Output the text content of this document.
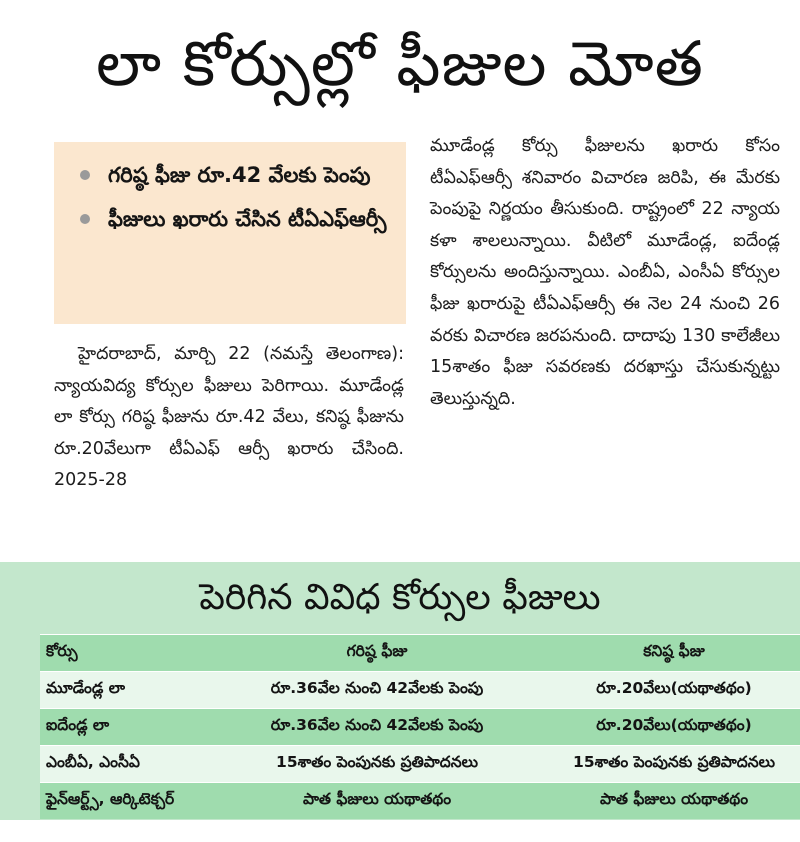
లా కోర్సుల్లో ఫీజుల మోత
గరిష్ఠ ఫీజు రూ.42 వేలకు పెంపు
ఫీజులు ఖరారు చేసిన టీఏఎఫ్ఆర్సీ
హైదరాబాద్, మార్చి 22 (నమస్తే తెలంగాణ): న్యాయవిద్య కోర్సుల ఫీజులు పెరిగాయి. మూడేండ్ల లా కోర్సు గరిష్ఠ ఫీజును రూ.42 వేలు, కనిష్ఠ ఫీజును రూ.20వేలుగా టీఏఎఫ్ ఆర్సీ ఖరారు చేసింది. 2025-28
మూడేండ్ల కోర్సు ఫీజులను ఖరారు కోసం టీఏఎఫ్ఆర్సీ శనివారం విచారణ జరిపి, ఈ మేరకు పెంపుపై నిర్ణయం తీసుకుంది. రాష్ట్రంలో 22 న్యాయ కళా శాలలున్నాయి. వీటిలో మూడేండ్ల, ఐదేండ్ల కోర్సులను అందిస్తున్నాయి. ఎంబీఏ, ఎంసీఏ కోర్సుల ఫీజు ఖరారుపై టీఏఎఫ్ఆర్సీ ఈ నెల 24 నుంచి 26 వరకు విచారణ జరపనుంది. దాదాపు 130 కాలేజీలు 15శాతం ఫీజు సవరణకు దరఖాస్తు చేసుకున్నట్టు తెలుస్తున్నది.
పెరిగిన వివిధ కోర్సుల ఫీజులు
కోర్సు	గరిష్ఠ ఫీజు	కనిష్ఠ ఫీజు
మూడేండ్ల లా	రూ.36వేల నుంచి 42వేలకు పెంపు	రూ.20వేలు(యథాతథం)
ఐదేండ్ల లా	రూ.36వేల నుంచి 42వేలకు పెంపు	రూ.20వేలు(యథాతథం)
ఎంబీఏ, ఎంసీఏ	15శాతం పెంపునకు ప్రతిపాదనలు	15శాతం పెంపునకు ప్రతిపాదనలు
ఫైన్ఆర్ట్స్, ఆర్కిటెక్చర్	పాత ఫీజులు యథాతథం	పాత ఫీజులు యథాతథం
